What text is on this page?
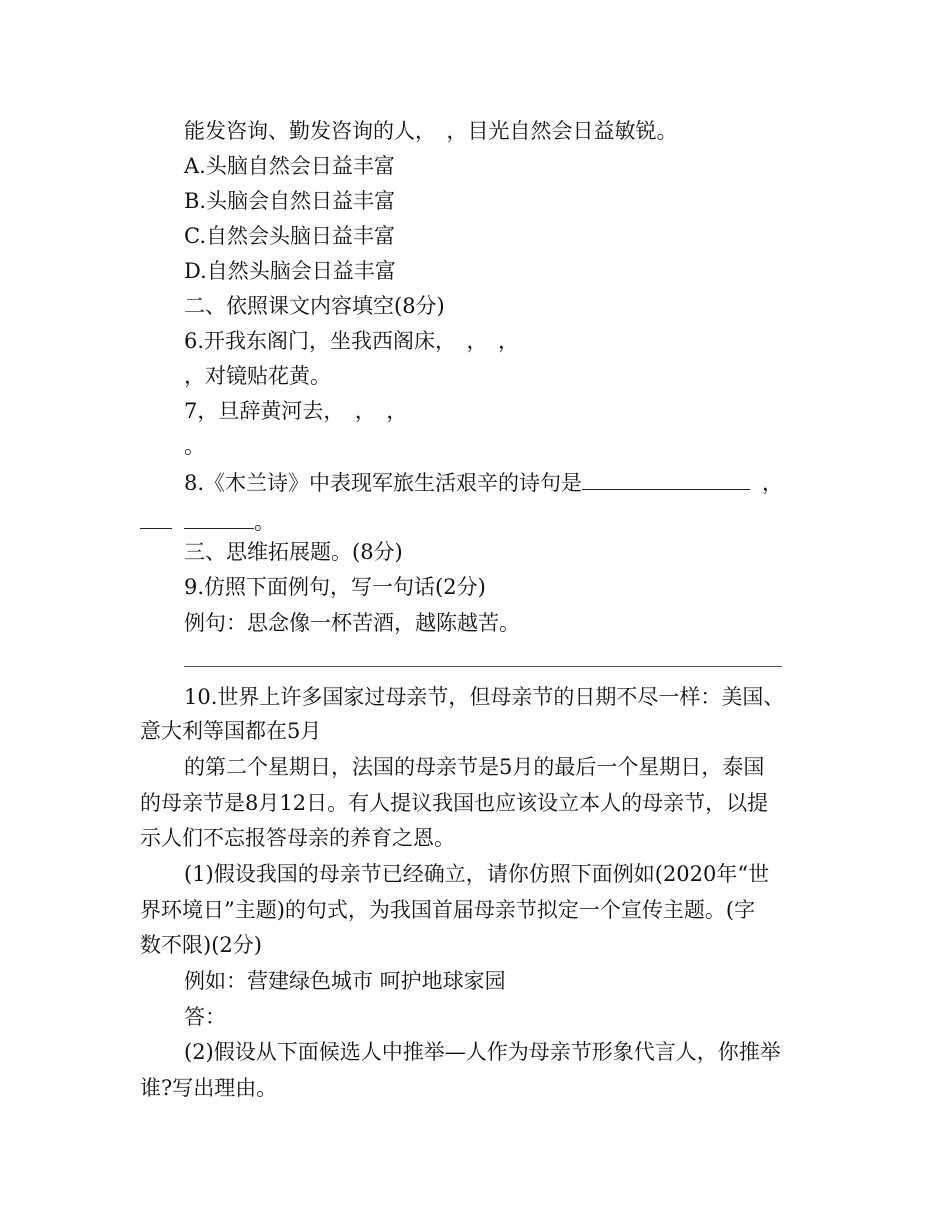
能发咨询、勤发咨询的人，　，目光自然会日益敏锐。
A.头脑自然会日益丰富
B.头脑会自然日益丰富
C.自然会头脑日益丰富
D.自然头脑会日益丰富
二、依照课文内容填空(8分)
6.开我东阁门，坐我西阁床，　，　，
，对镜贴花黄。
7，旦辞黄河去，　，　，
。
8.《木兰诗》中表现军旅生活艰辛的诗句是	，
。
三、思维拓展题。(8分)
9.仿照下面例句，写一句话(2分)
例句：思念像一杯苦酒，越陈越苦。
10.世界上许多国家过母亲节，但母亲节的日期不尽一样：美国、
意大利等国都在5月
的第二个星期日，法国的母亲节是5月的最后一个星期日，泰国
的母亲节是8月12日。有人提议我国也应该设立本人的母亲节，以提
示人们不忘报答母亲的养育之恩。
(1)假设我国的母亲节已经确立，请你仿照下面例如(2020年“世
界环境日”主题)的句式，为我国首届母亲节拟定一个宣传主题。(字
数不限)(2分)
例如：营建绿色城市 呵护地球家园
答：
(2)假设从下面候选人中推举—人作为母亲节形象代言人，你推举
谁?写出理由。
